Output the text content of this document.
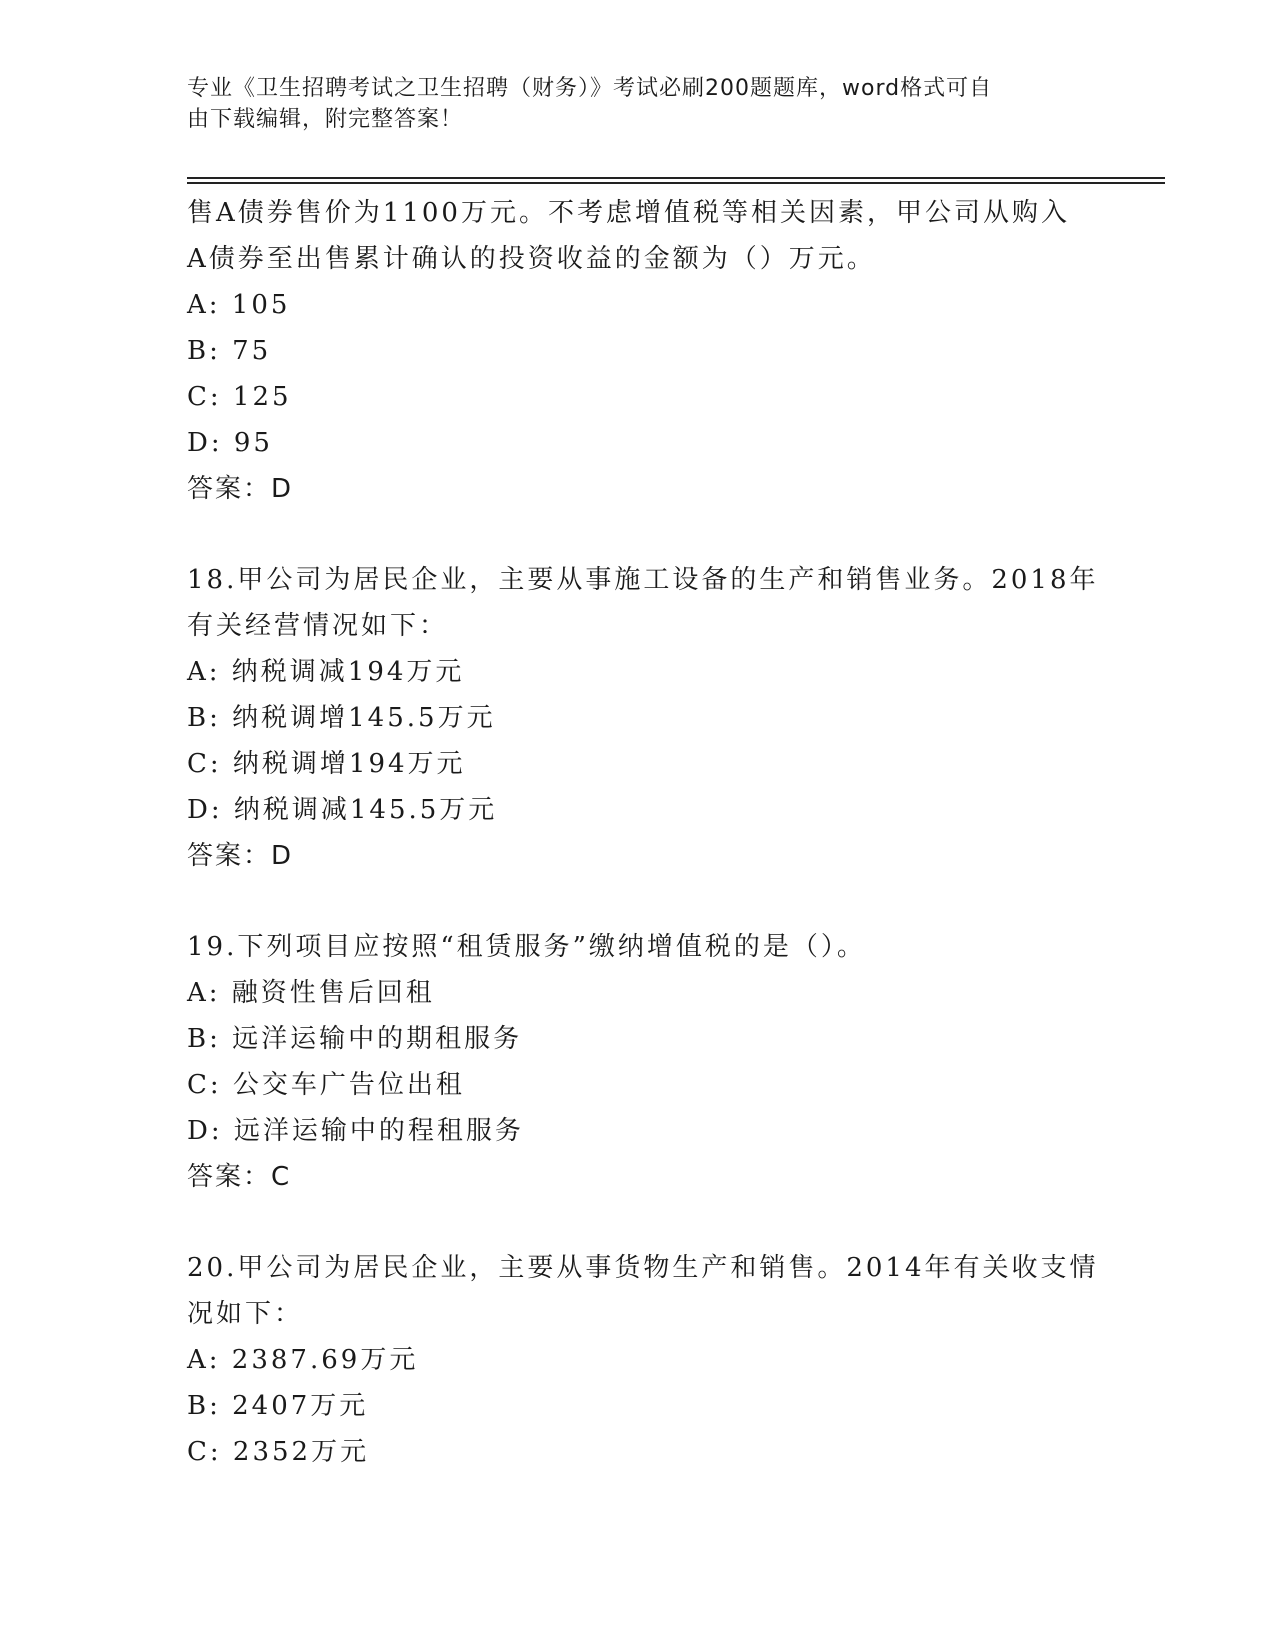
专业《卫生招聘考试之卫生招聘（财务）》考试必刷200题题库，word格式可自
由下载编辑，附完整答案！
售A债券售价为1100万元。不考虑增值税等相关因素，甲公司从购入
A债券至出售累计确认的投资收益的金额为（）万元。
A: 105
B: 75
C: 125
D: 95
答案：D
18.甲公司为居民企业，主要从事施工设备的生产和销售业务。2018年
有关经营情况如下：
A: 纳税调减194万元
B: 纳税调增145.5万元
C: 纳税调增194万元
D: 纳税调减145.5万元
答案：D
19.下列项目应按照“租赁服务”缴纳增值税的是（）。
A: 融资性售后回租
B: 远洋运输中的期租服务
C: 公交车广告位出租
D: 远洋运输中的程租服务
答案：C
20.甲公司为居民企业，主要从事货物生产和销售。2014年有关收支情
况如下：
A: 2387.69万元
B: 2407万元
C: 2352万元
